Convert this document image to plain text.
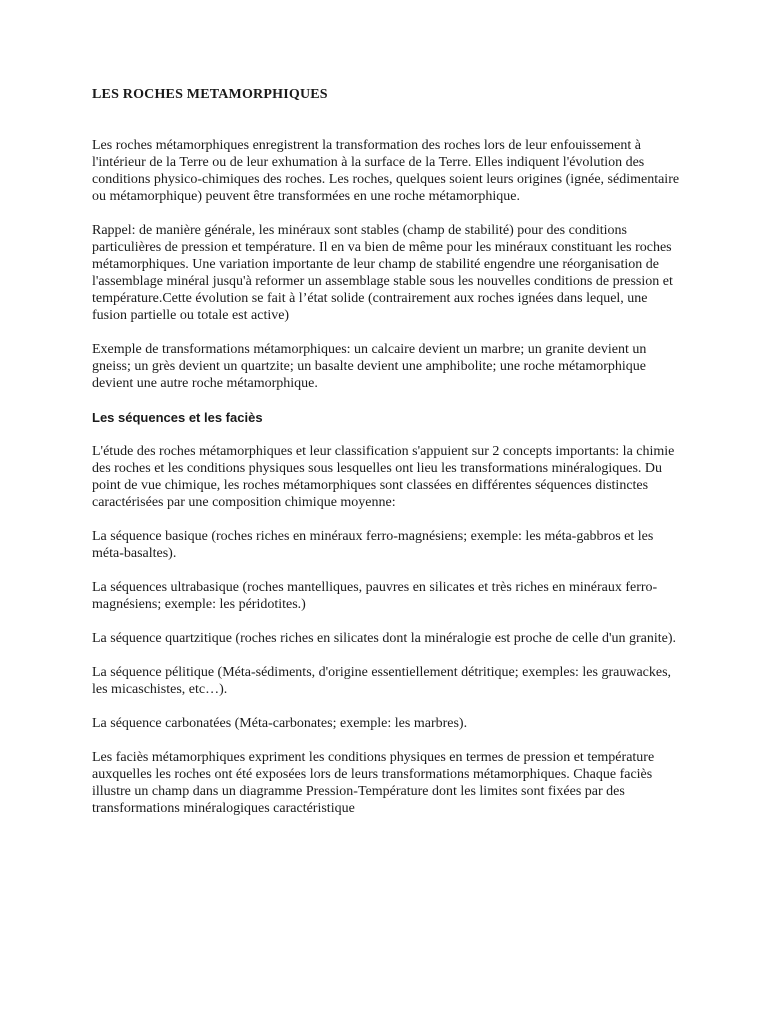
LES ROCHES METAMORPHIQUES

Les roches métamorphiques enregistrent la transformation des roches lors de leur enfouissement à l'intérieur de la Terre ou de leur exhumation à la surface de la Terre. Elles indiquent l'évolution des conditions physico-chimiques des roches. Les roches, quelques soient leurs origines (ignée, sédimentaire ou métamorphique) peuvent être transformées en une roche métamorphique.

Rappel: de manière générale, les minéraux sont stables (champ de stabilité) pour des conditions particulières de pression et température. Il en va bien de même pour les minéraux constituant les roches métamorphiques. Une variation importante de leur champ de stabilité engendre une réorganisation de l'assemblage minéral jusqu'à reformer un assemblage stable sous les nouvelles conditions de pression et température.Cette évolution se fait à l’état solide (contrairement aux roches ignées dans lequel, une fusion partielle ou totale est active)

Exemple de transformations métamorphiques: un calcaire devient un marbre; un granite devient un gneiss; un grès devient un quartzite; un basalte devient une amphibolite; une roche métamorphique devient une autre roche métamorphique.

Les séquences et les faciès

L'étude des roches métamorphiques et leur classification s'appuient sur 2 concepts importants: la chimie des roches et les conditions physiques sous lesquelles ont lieu les transformations minéralogiques. Du point de vue chimique, les roches métamorphiques sont classées en différentes séquences distinctes caractérisées par une composition chimique moyenne:

La séquence basique (roches riches en minéraux ferro-magnésiens; exemple: les méta-gabbros et les méta-basaltes).

La séquences ultrabasique (roches mantelliques, pauvres en silicates et très riches en minéraux ferro-magnésiens; exemple: les péridotites.)

La séquence quartzitique (roches riches en silicates dont la minéralogie est proche de celle d'un granite).

La séquence pélitique (Méta-sédiments, d'origine essentiellement détritique; exemples: les grauwackes, les micaschistes, etc…).

La séquence carbonatées (Méta-carbonates; exemple: les marbres).

Les faciès métamorphiques expriment les conditions physiques en termes de pression et température auxquelles les roches ont été exposées lors de leurs transformations métamorphiques. Chaque faciès illustre un champ dans un diagramme Pression-Température dont les limites sont fixées par des transformations minéralogiques caractéristique
